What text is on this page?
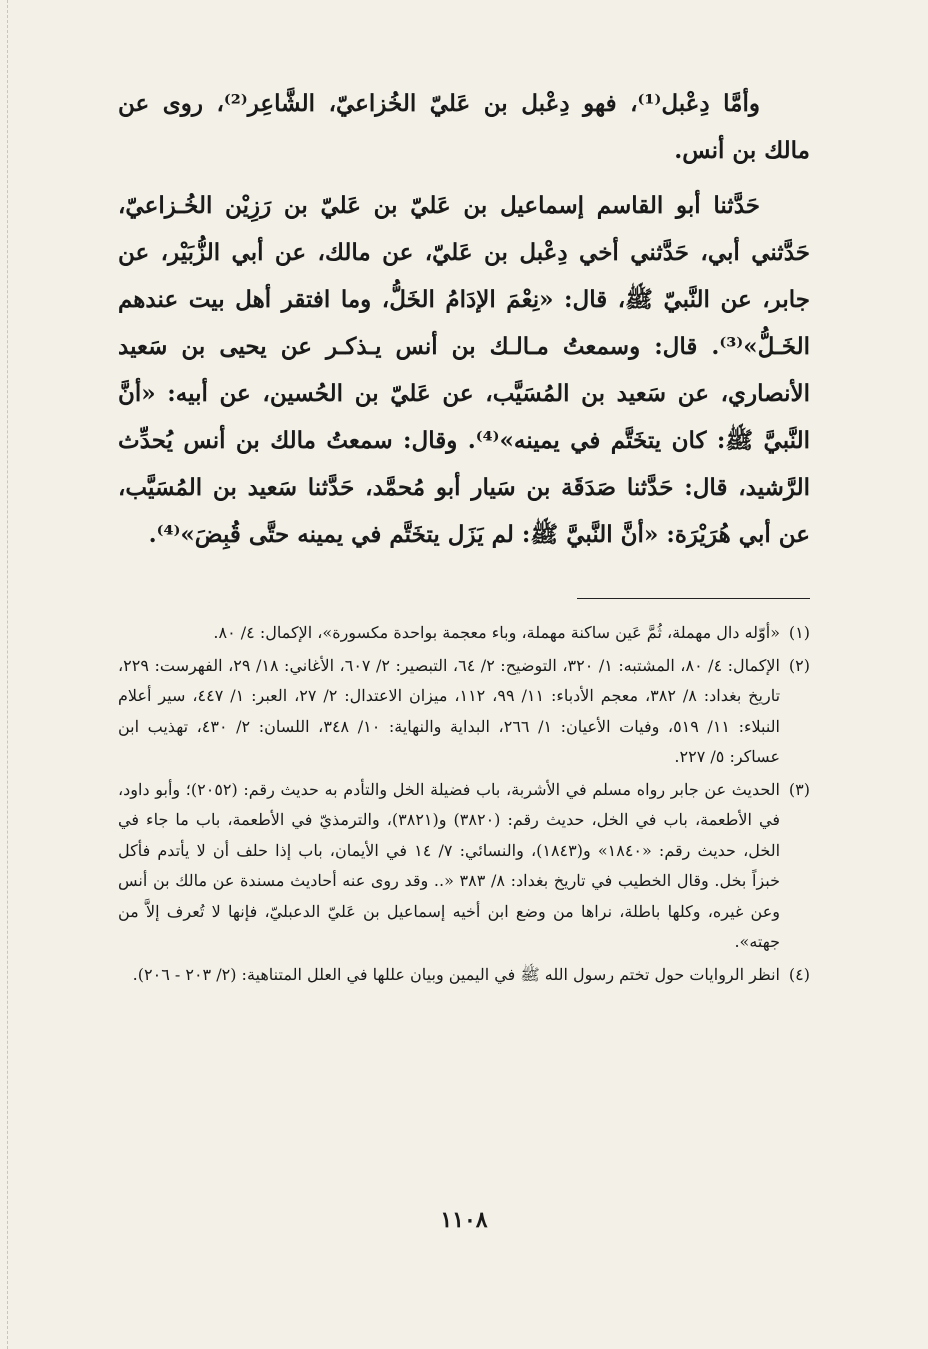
وأمَّا دِعْبل⁽¹⁾، فهو دِعْبل بن عَليّ الخُزاعيّ، الشَّاعِر⁽²⁾، روى عن مالك بن أنس.

حَدَّثنا أبو القاسم إسماعيل بن عَليّ بن عَليّ بن رَزِيْن الخُـزاعيّ، حَدَّثني أبي، حَدَّثني أخي دِعْبل بن عَليّ، عن مالك، عن أبي الزُّبَيْر، عن جابر، عن النَّبيّ ﷺ، قال: «نِعْمَ الإدَامُ الخَلُّ، وما افتقر أهل بيت عندهم الخَـلُّ»⁽³⁾. قال: وسمعتُ مـالـك بن أنس يـذكـر عن يحيى بن سَعيد الأنصاري، عن سَعيد بن المُسَيَّب، عن عَليّ بن الحُسين، عن أبيه: «أنَّ النَّبيَّ ﷺ: كان يتخَتَّم في يمينه»⁽⁴⁾. وقال: سمعتُ مالك بن أنس يُحدِّث الرَّشيد، قال: حَدَّثنا صَدَقَة بن سَيار أبو مُحمَّد، حَدَّثنا سَعيد بن المُسَيَّب، عن أبي هُرَيْرَة: «أنَّ النَّبيَّ ﷺ: لم يَزَل يتخَتَّم في يمينه حتَّى قُبِضَ»⁽⁴⁾.

(١)
«أوّله دال مهملة، ثُمَّ عَين ساكنة مهملة، وباء معجمة بواحدة مكسورة»، الإكمال: ٤/ ٨٠.
(٢)
الإكمال: ٤/ ٨٠، المشتبه: ١/ ٣٢٠، التوضيح: ٢/ ٦٤، التبصير: ٢/ ٦٠٧، الأغاني: ١٨/ ٢٩، الفهرست: ٢٢٩، تاريخ بغداد: ٨/ ٣٨٢، معجم الأدباء: ١١/ ٩٩، ١١٢، ميزان الاعتدال: ٢/ ٢٧، العبر: ١/ ٤٤٧، سير أعلام النبلاء: ١١/ ٥١٩، وفيات الأعيان: ١/ ٢٦٦، البداية والنهاية: ١٠/ ٣٤٨، اللسان: ٢/ ٤٣٠، تهذيب ابن عساكر: ٥/ ٢٢٧.
(٣)
الحديث عن جابر رواه مسلم في الأشربة، باب فضيلة الخل والتأدم به حديث رقم: (٢٠٥٢)؛ وأبو داود، في الأطعمة، باب في الخل، حديث رقم: (٣٨٢٠) و(٣٨٢١)، والترمذيّ في الأطعمة، باب ما جاء في الخل، حديث رقم: «١٨٤٠» و(١٨٤٣)، والنسائي: ٧/ ١٤ في الأيمان، باب إذا حلف أن لا يأتدم فأكل خبزاً بخل. وقال الخطيب في تاريخ بغداد: ٨/ ٣٨٣ «.. وقد روى عنه أحاديث مسندة عن مالك بن أنس وعن غيره، وكلها باطلة، نراها من وضع ابن أخيه إسماعيل بن عَليّ الدعبليّ، فإنها لا تُعرف إلاَّ من جهته».
(٤)
انظر الروايات حول تختم رسول الله ﷺ في اليمين وبيان عللها في العلل المتناهية: (٢/ ٢٠٣ - ٢٠٦).
١١٠٨
